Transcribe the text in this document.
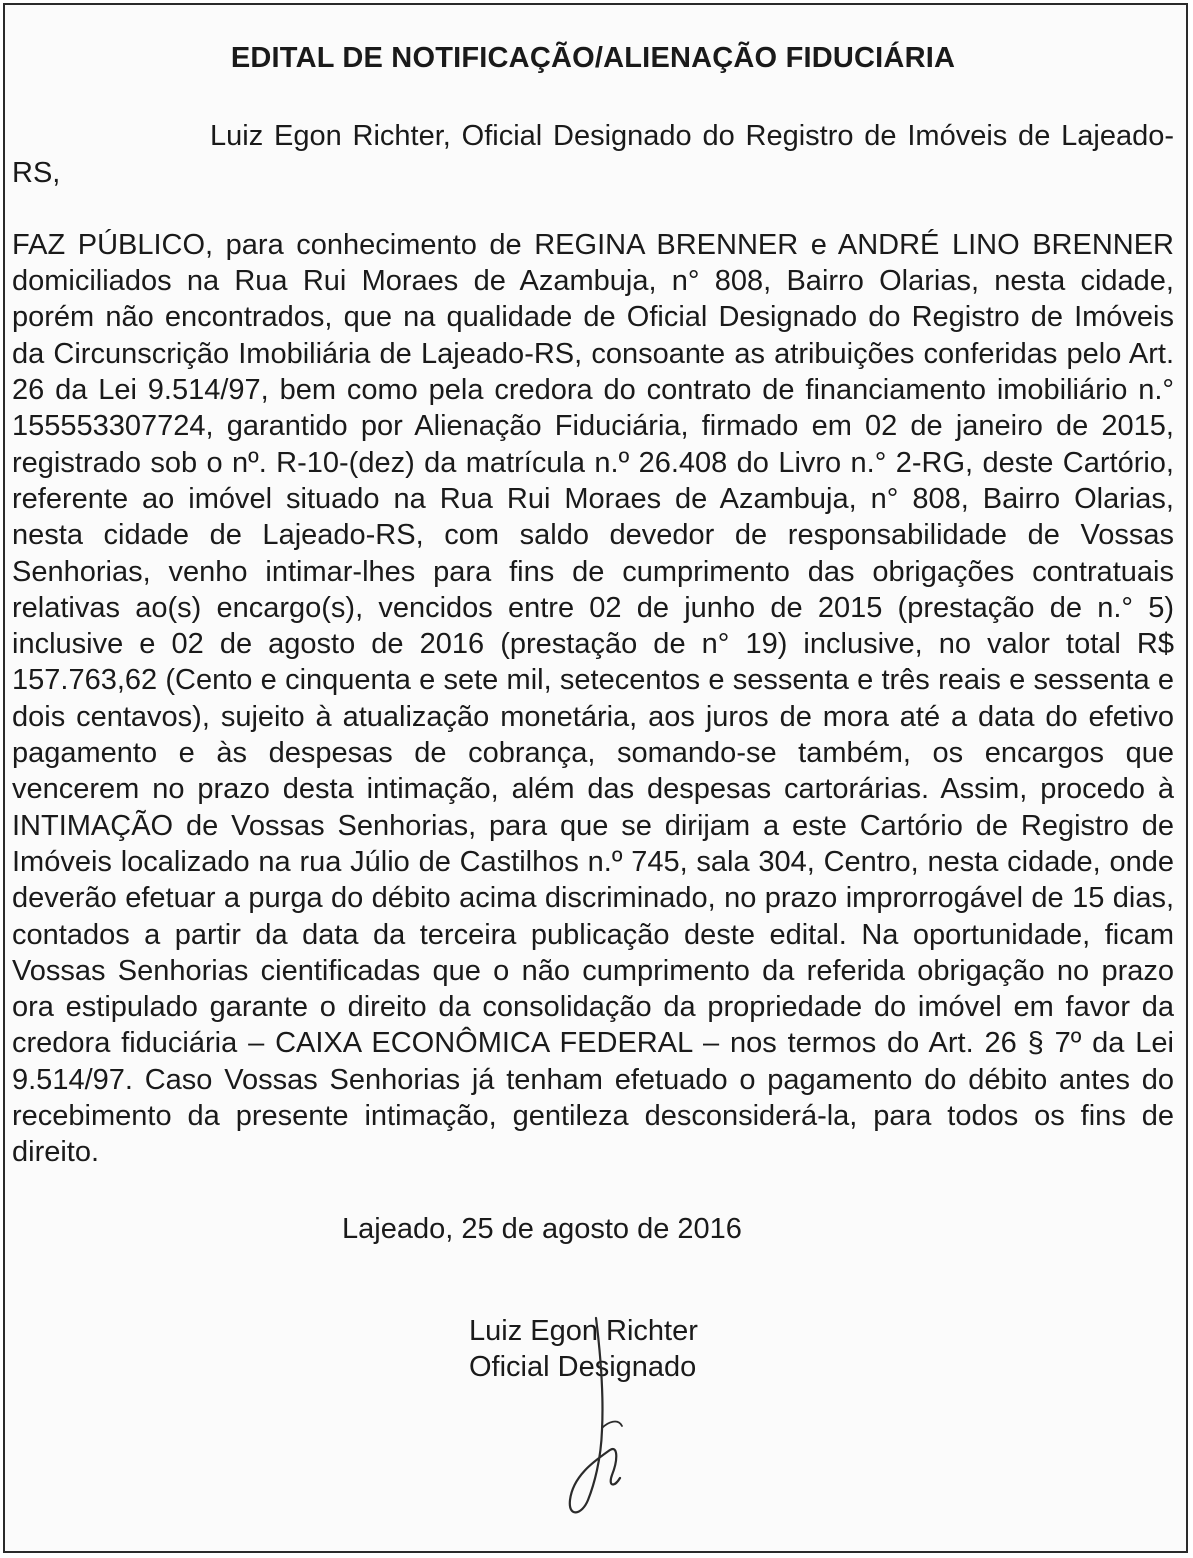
EDITAL DE NOTIFICAÇÃO/ALIENAÇÃO FIDUCIÁRIA

Luiz Egon Richter, Oficial Designado do Registro de Imóveis de Lajeado-RS,

FAZ PÚBLICO, para conhecimento de REGINA BRENNER e ANDRÉ LINO BRENNER domiciliados na Rua Rui Moraes de Azambuja, n° 808, Bairro Olarias, nesta cidade, porém não encontrados, que na qualidade de Oficial Designado do Registro de Imóveis da Circunscrição Imobiliária de Lajeado-RS, consoante as atribuições conferidas pelo Art. 26 da Lei 9.514/97, bem como pela credora do contrato de financiamento imobiliário n.° 155553307724, garantido por Alienação Fiduciária, firmado em 02 de janeiro de 2015, registrado sob o nº. R-10-(dez) da matrícula n.º 26.408 do Livro n.° 2-RG, deste Cartório, referente ao imóvel situado na Rua Rui Moraes de Azambuja, n° 808, Bairro Olarias, nesta cidade de Lajeado-RS, com saldo devedor de responsabilidade de Vossas Senhorias, venho intimar-lhes para fins de cumprimento das obrigações contratuais relativas ao(s) encargo(s), vencidos entre 02 de junho de 2015 (prestação de n.° 5) inclusive e 02 de agosto de 2016 (prestação de n° 19) inclusive, no valor total R$ 157.763,62 (Cento e cinquenta e sete mil, setecentos e sessenta e três reais e sessenta e dois centavos), sujeito à atualização monetária, aos juros de mora até a data do efetivo pagamento e às despesas de cobrança, somando-se também, os encargos que vencerem no prazo desta intimação, além das despesas cartorárias. Assim, procedo à INTIMAÇÃO de Vossas Senhorias, para que se dirijam a este Cartório de Registro de Imóveis localizado na rua Júlio de Castilhos n.º 745, sala 304, Centro, nesta cidade, onde deverão efetuar a purga do débito acima discriminado, no prazo improrrogável de 15 dias, contados a partir da data da terceira publicação deste edital. Na oportunidade, ficam Vossas Senhorias cientificadas que o não cumprimento da referida obrigação no prazo ora estipulado garante o direito da consolidação da propriedade do imóvel em favor da credora fiduciária – CAIXA ECONÔMICA FEDERAL – nos termos do Art. 26 § 7º da Lei 9.514/97. Caso Vossas Senhorias já tenham efetuado o pagamento do débito antes do recebimento da presente intimação, gentileza desconsiderá-la, para todos os fins de direito.

Lajeado, 25 de agosto de 2016
Luiz Egon Richter
Oficial Designado
